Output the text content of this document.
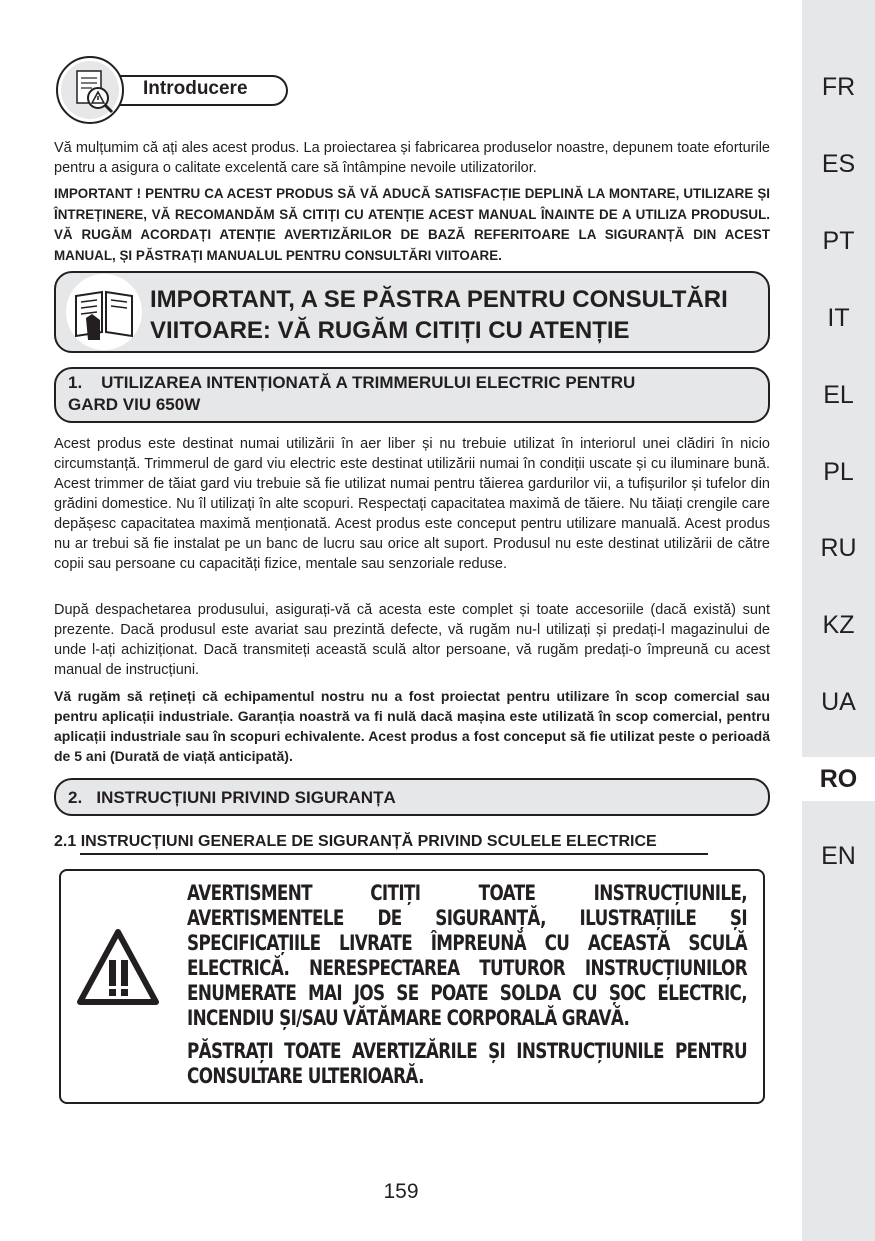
Introducere

Vă mulțumim că ați ales acest produs. La proiectarea și fabricarea produselor noastre, depunem toate eforturile pentru a asigura o calitate excelentă care să întâmpine nevoile utilizatorilor.

IMPORTANT ! PENTRU CA ACEST PRODUS SĂ VĂ ADUCĂ SATISFACȚIE DEPLINĂ LA MONTARE, UTILIZARE ȘI ÎNTREȚINERE, VĂ RECOMANDĂM SĂ CITIȚI CU ATENȚIE ACEST MANUAL ÎNAINTE DE A UTILIZA PRODUSUL. VĂ RUGĂM ACORDAȚI ATENȚIE AVERTIZĂRILOR DE BAZĂ REFERITOARE LA SIGURANȚĂ DIN ACEST MANUAL, ȘI PĂSTRAȚI MANUALUL PENTRU CONSULTĂRI VIITOARE.

IMPORTANT, A SE PĂSTRA PENTRU CONSULTĂRI
VIITOARE: VĂ RUGĂM CITIȚI CU ATENȚIE
1.    UTILIZAREA INTENȚIONATĂ A TRIMMERULUI ELECTRIC PENTRU
GARD VIU 650W

Acest produs este destinat numai utilizării în aer liber și nu trebuie utilizat în interiorul unei clădiri în nicio circumstanță. Trimmerul de gard viu electric este destinat utilizării numai în condiții uscate și cu iluminare bună. Acest trimmer de tăiat gard viu trebuie să fie utilizat numai pentru tăierea gardurilor vii, a tufișurilor și tufelor din grădini domestice. Nu îl utilizați în alte scopuri. Respectați capacitatea maximă de tăiere. Nu tăiați crengile care depășesc capacitatea maximă menționată. Acest produs este conceput pentru utilizare manuală. Acest produs nu ar trebui să fie instalat pe un banc de lucru sau orice alt suport. Produsul nu este destinat utilizării de către copii sau persoane cu capacități fizice, mentale sau senzoriale reduse.

După despachetarea produsului, asigurați-vă că acesta este complet și toate accesoriile (dacă există) sunt prezente. Dacă produsul este avariat sau prezintă defecte, vă rugăm nu-l utilizați și predați-l magazinului de unde l-ați achiziționat. Dacă transmiteți această sculă altor persoane, vă rugăm predați-o împreună cu acest manual de instrucțiuni.

Vă rugăm să rețineți că echipamentul nostru nu a fost proiectat pentru utilizare în scop comercial sau pentru aplicații industriale. Garanția noastră va fi nulă dacă mașina este utilizată în scop comercial, pentru aplicații industriale sau în scopuri echivalente. Acest produs a fost conceput să fie utilizat peste o perioadă de 5 ani (Durată de viață anticipată).

2.   INSTRUCȚIUNI PRIVIND SIGURANȚA
2.1 INSTRUCȚIUNI GENERALE DE SIGURANȚĂ PRIVIND SCULELE ELECTRICE

AVERTISMENT CITIȚI TOATE INSTRUCȚIUNILE, AVERTISMENTELE DE SIGURANȚĂ, ILUSTRAȚIILE ȘI SPECIFICAȚIILE LIVRATE ÎMPREUNĂ CU ACEASTĂ SCULĂ ELECTRICĂ. NERESPECTAREA TUTUROR INSTRUCȚIUNILOR ENUMERATE MAI JOS SE POATE SOLDA CU ȘOC ELECTRIC, INCENDIU ȘI/SAU VĂTĂMARE CORPORALĂ GRAVĂ.

PĂSTRAȚI TOATE AVERTIZĂRILE ȘI INSTRUCȚIUNILE PENTRU CONSULTARE ULTERIOARĂ.

159
FR
ES
PT
IT
EL
PL
RU
KZ
UA
RO
EN
